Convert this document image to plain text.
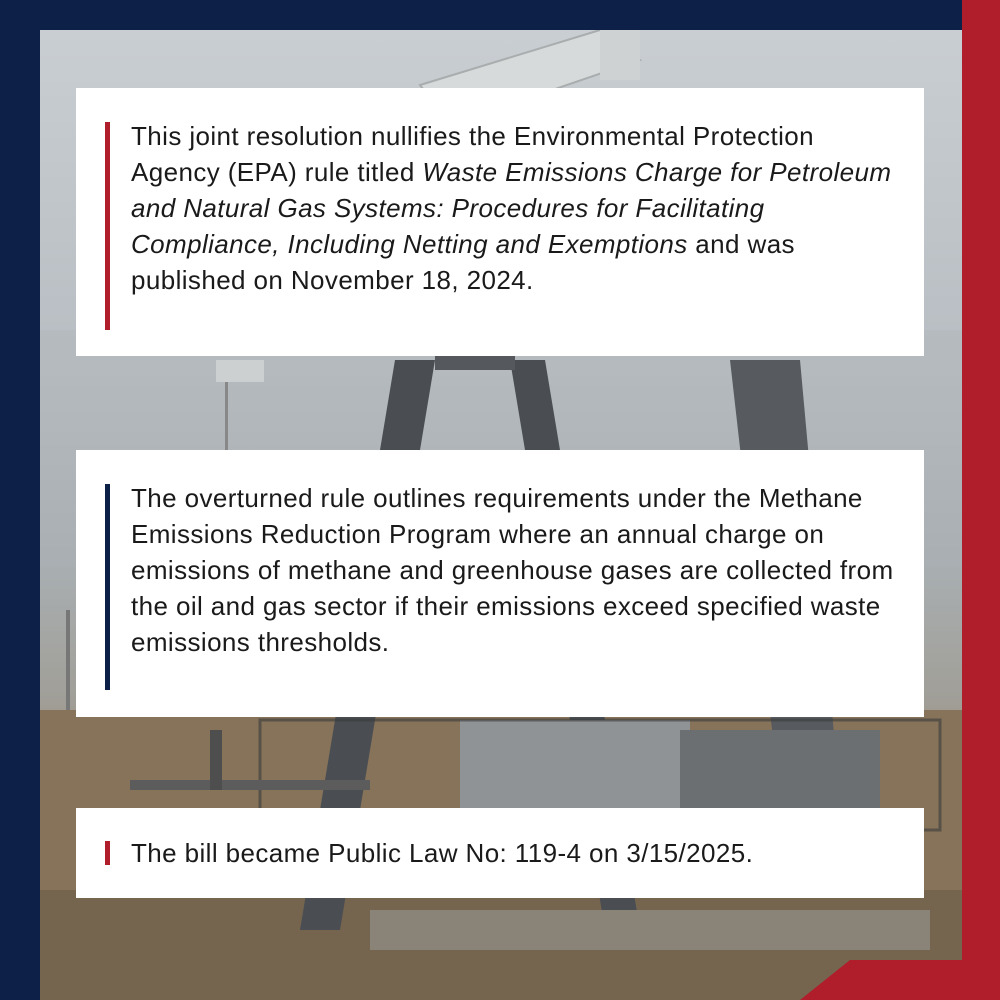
This joint resolution nullifies the Environmental Protection Agency (EPA) rule titled Waste Emissions Charge for Petroleum and Natural Gas Systems: Procedures for Facilitating Compliance, Including Netting and Exemptions and was published on November 18, 2024.

The overturned rule outlines requirements under the Methane Emissions Reduction Program where an annual charge on emissions of methane and greenhouse gases are collected from the oil and gas sector if their emissions exceed specified waste emissions thresholds.

The bill became Public Law No: 119-4 on 3/15/2025.
